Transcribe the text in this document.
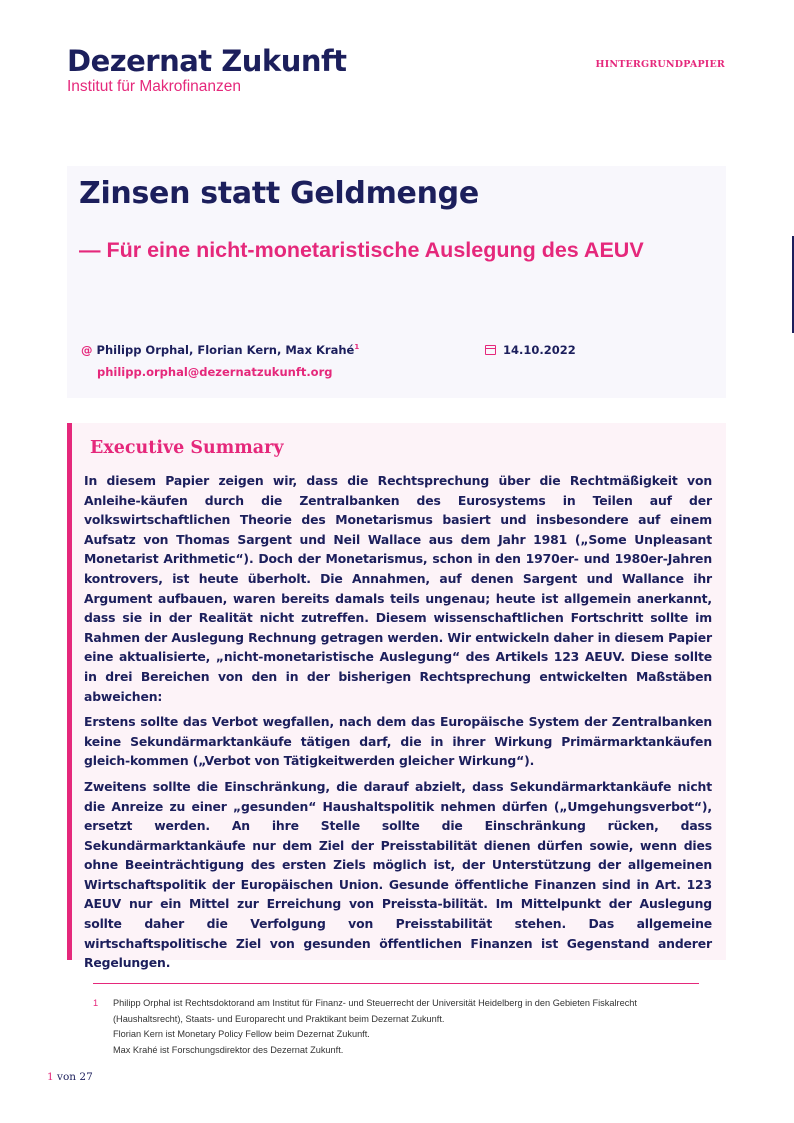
Dezernat Zukunft
Institut für Makrofinanzen
HINTERGRUNDPAPIER
Zinsen statt Geldmenge
— Für eine nicht-monetaristische Auslegung des AEUV
@ Philipp Orphal, Florian Kern, Max Krahé$^1$
philipp.orphal@dezernatzukunft.org
14.10.2022
Executive Summary

In diesem Papier zeigen wir, dass die Rechtsprechung über die Rechtmäßigkeit von Anleihe-käufen durch die Zentralbanken des Eurosystems in Teilen auf der volkswirtschaftlichen Theorie des Monetarismus basiert und insbesondere auf einem Aufsatz von Thomas Sargent und Neil Wallace aus dem Jahr 1981 („Some Unpleasant Monetarist Arithmetic“). Doch der Monetarismus, schon in den 1970er- und 1980er-Jahren kontrovers, ist heute überholt. Die Annahmen, auf denen Sargent und Wallance ihr Argument aufbauen, waren bereits damals teils ungenau; heute ist allgemein anerkannt, dass sie in der Realität nicht zutreffen. Diesem wissenschaftlichen Fortschritt sollte im Rahmen der Auslegung Rechnung getragen werden. Wir entwickeln daher in diesem Papier eine aktualisierte, „nicht-monetaristische Auslegung“ des Artikels 123 AEUV. Diese sollte in drei Bereichen von den in der bisherigen Rechtsprechung entwickelten Maßstäben abweichen:

Erstens sollte das Verbot wegfallen, nach dem das Europäische System der Zentralbanken keine Sekundärmarktankäufe tätigen darf, die in ihrer Wirkung Primärmarktankäufen gleich-kommen („Verbot von Tätigkeitwerden gleicher Wirkung“).

Zweitens sollte die Einschränkung, die darauf abzielt, dass Sekundärmarktankäufe nicht die Anreize zu einer „gesunden“ Haushaltspolitik nehmen dürfen („Umgehungsverbot“), ersetzt werden. An ihre Stelle sollte die Einschränkung rücken, dass Sekundärmarktankäufe nur dem Ziel der Preisstabilität dienen dürfen sowie, wenn dies ohne Beeinträchtigung des ersten Ziels möglich ist, der Unterstützung der allgemeinen Wirtschaftspolitik der Europäischen Union. Gesunde öffentliche Finanzen sind in Art. 123 AEUV nur ein Mittel zur Erreichung von Preissta-bilität. Im Mittelpunkt der Auslegung sollte daher die Verfolgung von Preisstabilität stehen. Das allgemeine wirtschaftspolitische Ziel von gesunden öffentlichen Finanzen ist Gegenstand anderer Regelungen.

1 Philipp Orphal ist Rechtsdoktorand am Institut für Finanz- und Steuerrecht der Universität Heidelberg in den Gebieten Fiskalrecht (Haushaltsrecht), Staats- und Europarecht und Praktikant beim Dezernat Zukunft.
Florian Kern ist Monetary Policy Fellow beim Dezernat Zukunft.
Max Krahé ist Forschungsdirektor des Dezernat Zukunft.
1 von 27
